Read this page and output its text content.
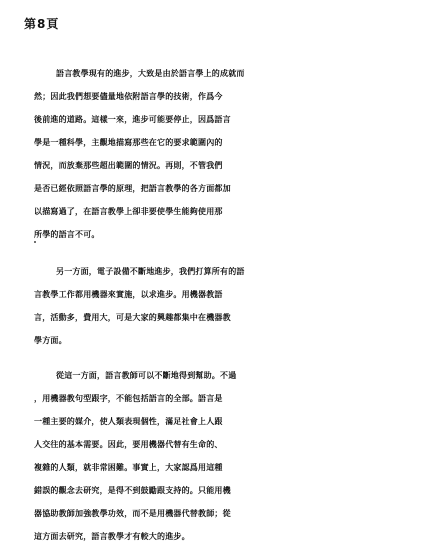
第8頁
語言教學現有的進步，大致是由於語言學上的成就而
然；因此我們想要儘量地依附語言學的技術，作爲今
後前進的道路。這樣一來，進步可能要停止，因爲語言
學是一種科學，主觀地描寫那些在它的要求範圍內的
情況，而放棄那些超出範圍的情況。再則，不管我們
是否已經依照語言學的原理，把語言教學的各方面都加
以描寫過了，在語言教學上卻非要使學生能夠使用那
所學的語言不可。
另一方面，電子設備不斷地進步，我們打算所有的語
言教學工作都用機器來實施，以求進步。用機器教語
言，活動多，費用大，可是大家的興趣都集中在機器教
學方面。
從這一方面，語言教師可以不斷地得到幫助。不過
，用機器教句型跟字，不能包括語言的全部。語言是
一種主要的媒介，使人類表現個性，滿足社會上人跟
人交往的基本需要。因此，要用機器代替有生命的、
複雜的人類，就非常困難。事實上，大家認爲用這種
錯誤的觀念去研究，是得不到鼓勵跟支持的。只能用機
器協助教師加強教學功效，而不是用機器代替教師；從
這方面去研究，語言教學才有較大的進步。
